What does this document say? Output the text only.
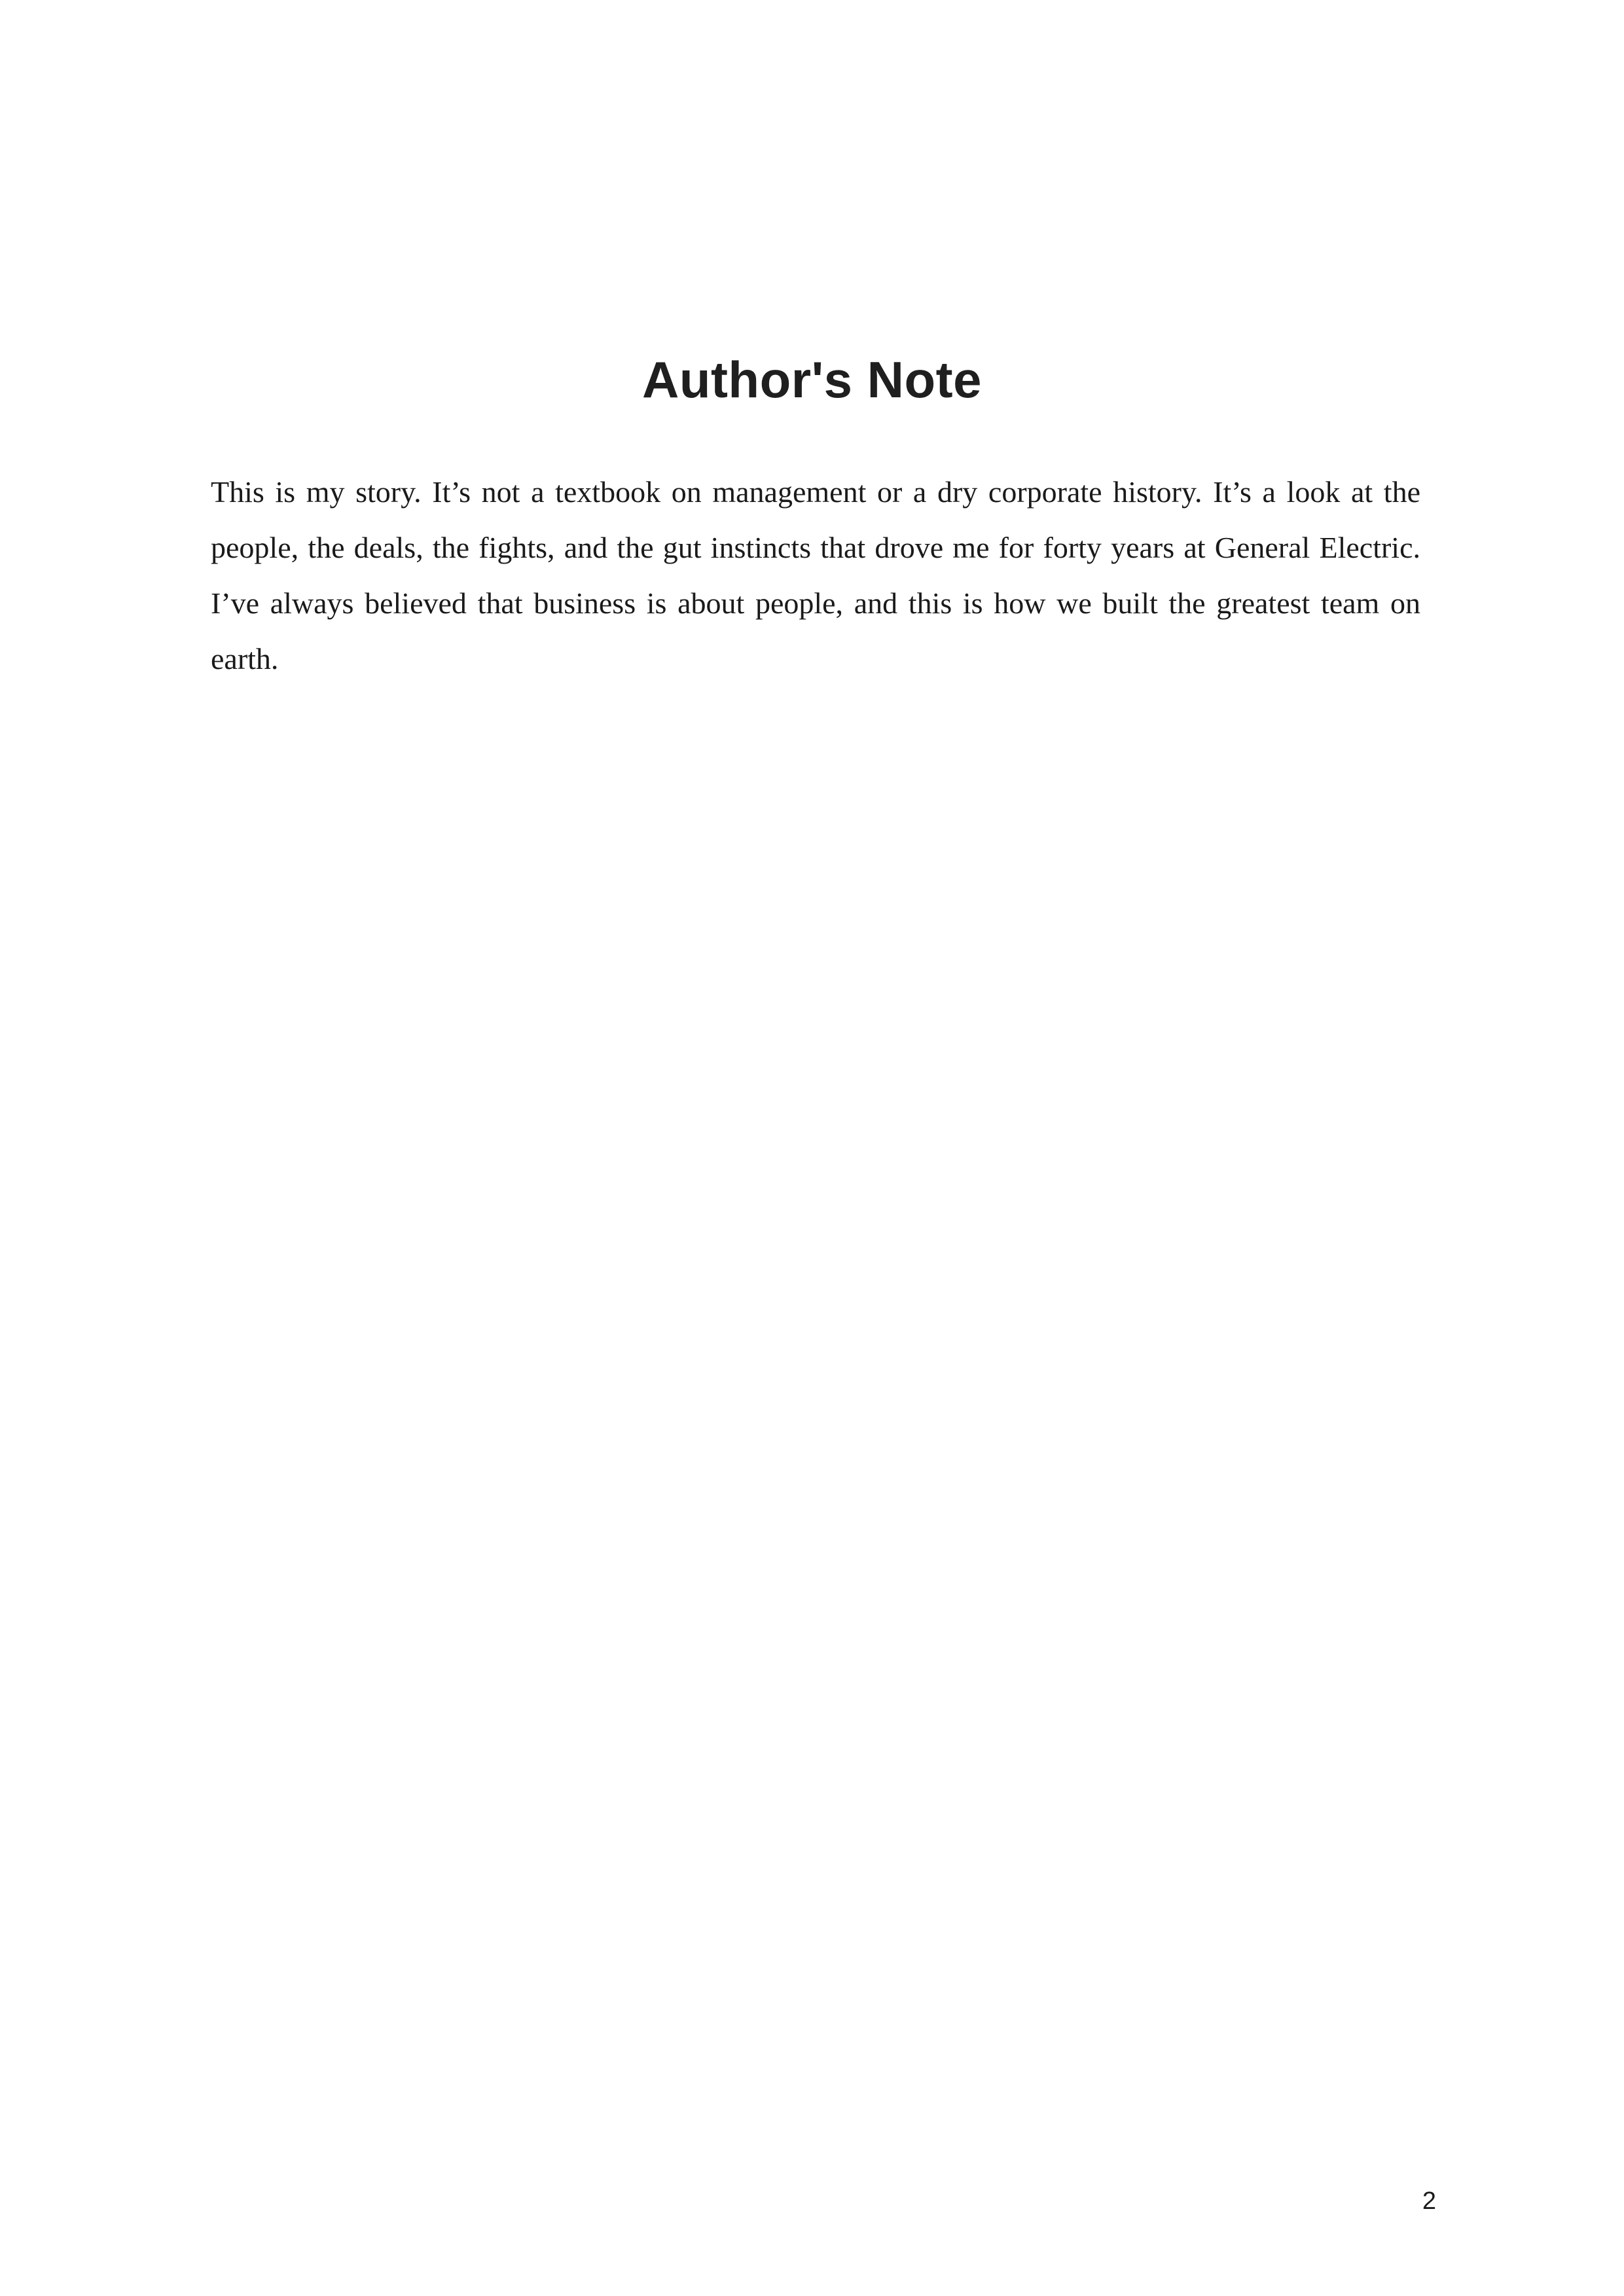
Author's Note

This is my story. It’s not a textbook on management or a dry corporate history. It’s a look at the people, the deals, the fights, and the gut instincts that drove me for forty years at General Electric. I’ve always believed that business is about people, and this is how we built the greatest team on earth.

2
